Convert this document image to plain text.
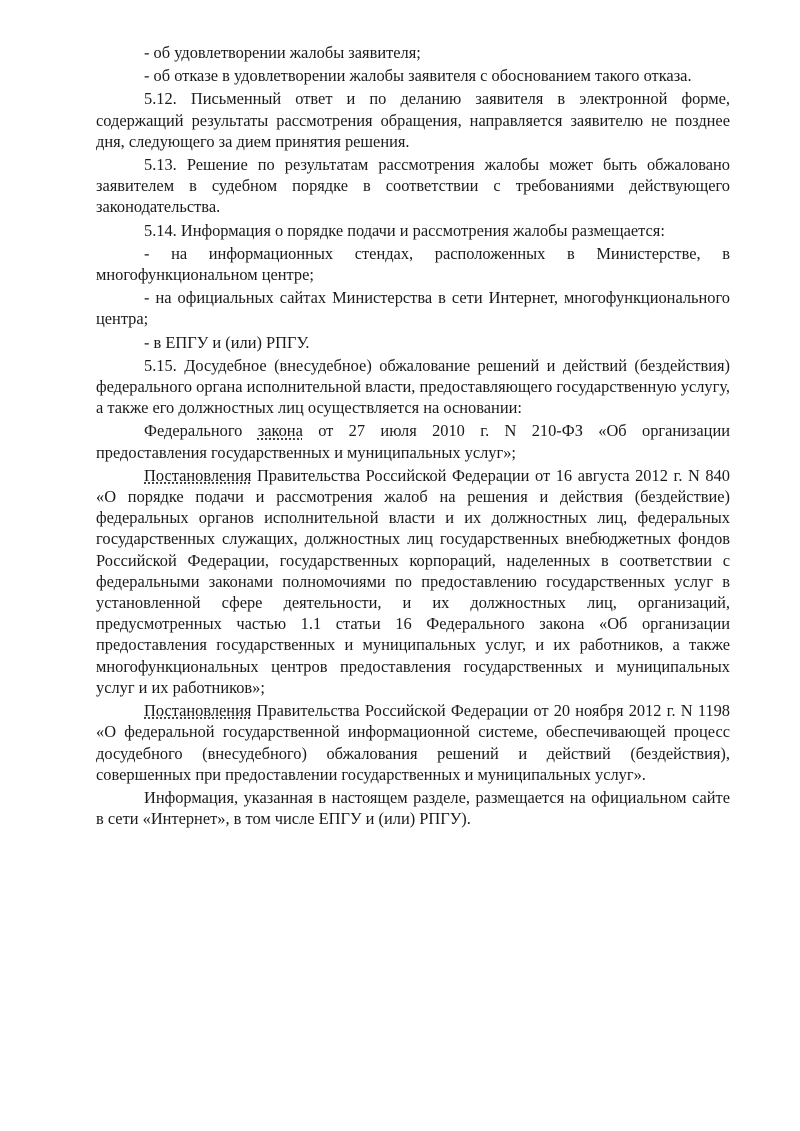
- об удовлетворении жалобы заявителя;

- об отказе в удовлетворении жалобы заявителя с обоснованием такого отказа.

5.12. Письменный ответ и по деланию заявителя в электронной форме, содержащий результаты рассмотрения обращения, направляется заявителю не позднее дня, следующего за дием принятия решения.

5.13. Решение по результатам рассмотрения жалобы может быть обжаловано заявителем в судебном порядке в соответствии с требованиями действующего законодательства.

5.14. Информация о порядке подачи и рассмотрения жалобы размещается:

- на информационных стендах, расположенных в Министерстве, в многофункциональном центре;

- на официальных сайтах Министерства в сети Интернет, многофункционального центра;

- в ЕПГУ и (или) РПГУ.

5.15. Досудебное (внесудебное) обжалование решений и действий (бездействия) федерального органа исполнительной власти, предоставляющего государственную услугу, а также его должностных лиц осуществляется на основании:

Федерального закона от 27 июля 2010 г. N 210-ФЗ «Об организации предоставления государственных и муниципальных услуг»;

Постановления Правительства Российской Федерации от 16 августа 2012 г. N 840 «О порядке подачи и рассмотрения жалоб на решения и действия (бездействие) федеральных органов исполнительной власти и их должностных лиц, федеральных государственных служащих, должностных лиц государственных внебюджетных фондов Российской Федерации, государственных корпораций, наделенных в соответствии с федеральными законами полномочиями по предоставлению государственных услуг в установленной сфере деятельности, и их должностных лиц, организаций, предусмотренных частью 1.1 статьи 16 Федерального закона «Об организации предоставления государственных и муниципальных услуг, и их работников, а также многофункциональных центров предоставления государственных и муниципальных услуг и их работников»;

Постановления Правительства Российской Федерации от 20 ноября 2012 г. N 1198 «О федеральной государственной информационной системе, обеспечивающей процесс досудебного (внесудебного) обжалования решений и действий (бездействия), совершенных при предоставлении государственных и муниципальных услуг».

Информация, указанная в настоящем разделе, размещается на официальном сайте в сети «Интернет», в том числе ЕПГУ и (или) РПГУ).
